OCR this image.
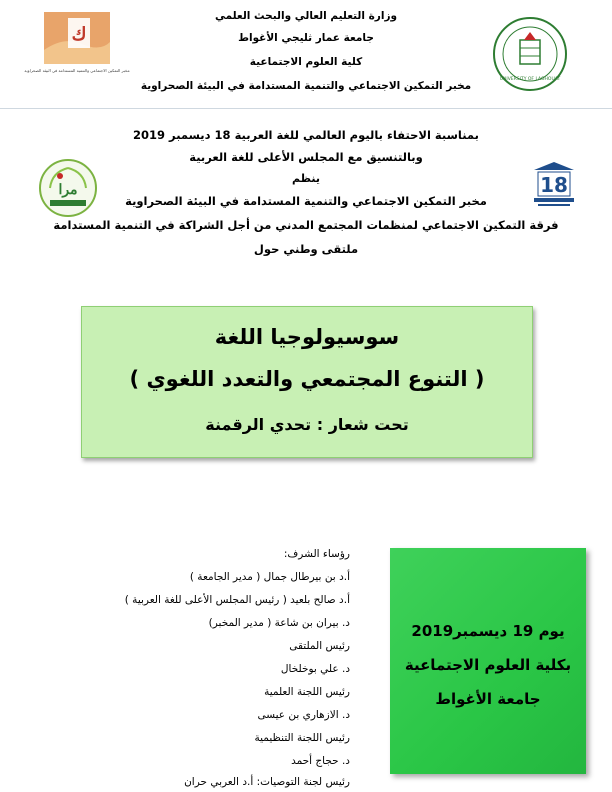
وزارة التعليم العالي والبحث العلمي
جامعة عمار ثليجي الأغواط
كلية العلوم الاجتماعية
مخبر التمكين الاجتماعي والتنمية المستدامة في البيئة الصحراوية
ك
مخبر التمكين الاجتماعي والتنمية المستدامة في البيئة الصحراوية
UNIVERSITY OF LAGHOUAT
بمناسبة الاحتفاء باليوم العالمي للغة العربية 18 ديسمبر 2019
وبالتنسيق مع المجلس الأعلى للغة العربية
ينظم
مخبر التمكين الاجتماعي والتنمية المستدامة في البيئة الصحراوية
فرقة التمكين الاجتماعي لمنظمات المجتمع المدني من أجل الشراكة في التنمية المستدامة
ملتقى وطني حول
مرا	18
سوسيولوجيا اللغة
( التنوع المجتمعي والتعدد اللغوي )
تحت شعار : تحدي الرقمنة
رؤساء الشرف:
أ.د بن بيرطال جمال ( مدير الجامعة )
أ.د صالح بلعيد ( رئيس المجلس الأعلى للغة العربية )
د. بيران بن شاعة ( مدير المخبر)
رئيس الملتقى
د. علي بوخلخال
رئيس اللجنة العلمية
د. الازهاري بن عيسى
رئيس اللجنة التنظيمية
د. حجاج أحمد
رئيس لجنة التوصيات: أ.د العربي حران
يوم 19 ديسمبر2019
بكلية العلوم الاجتماعية
جامعة الأغواط
